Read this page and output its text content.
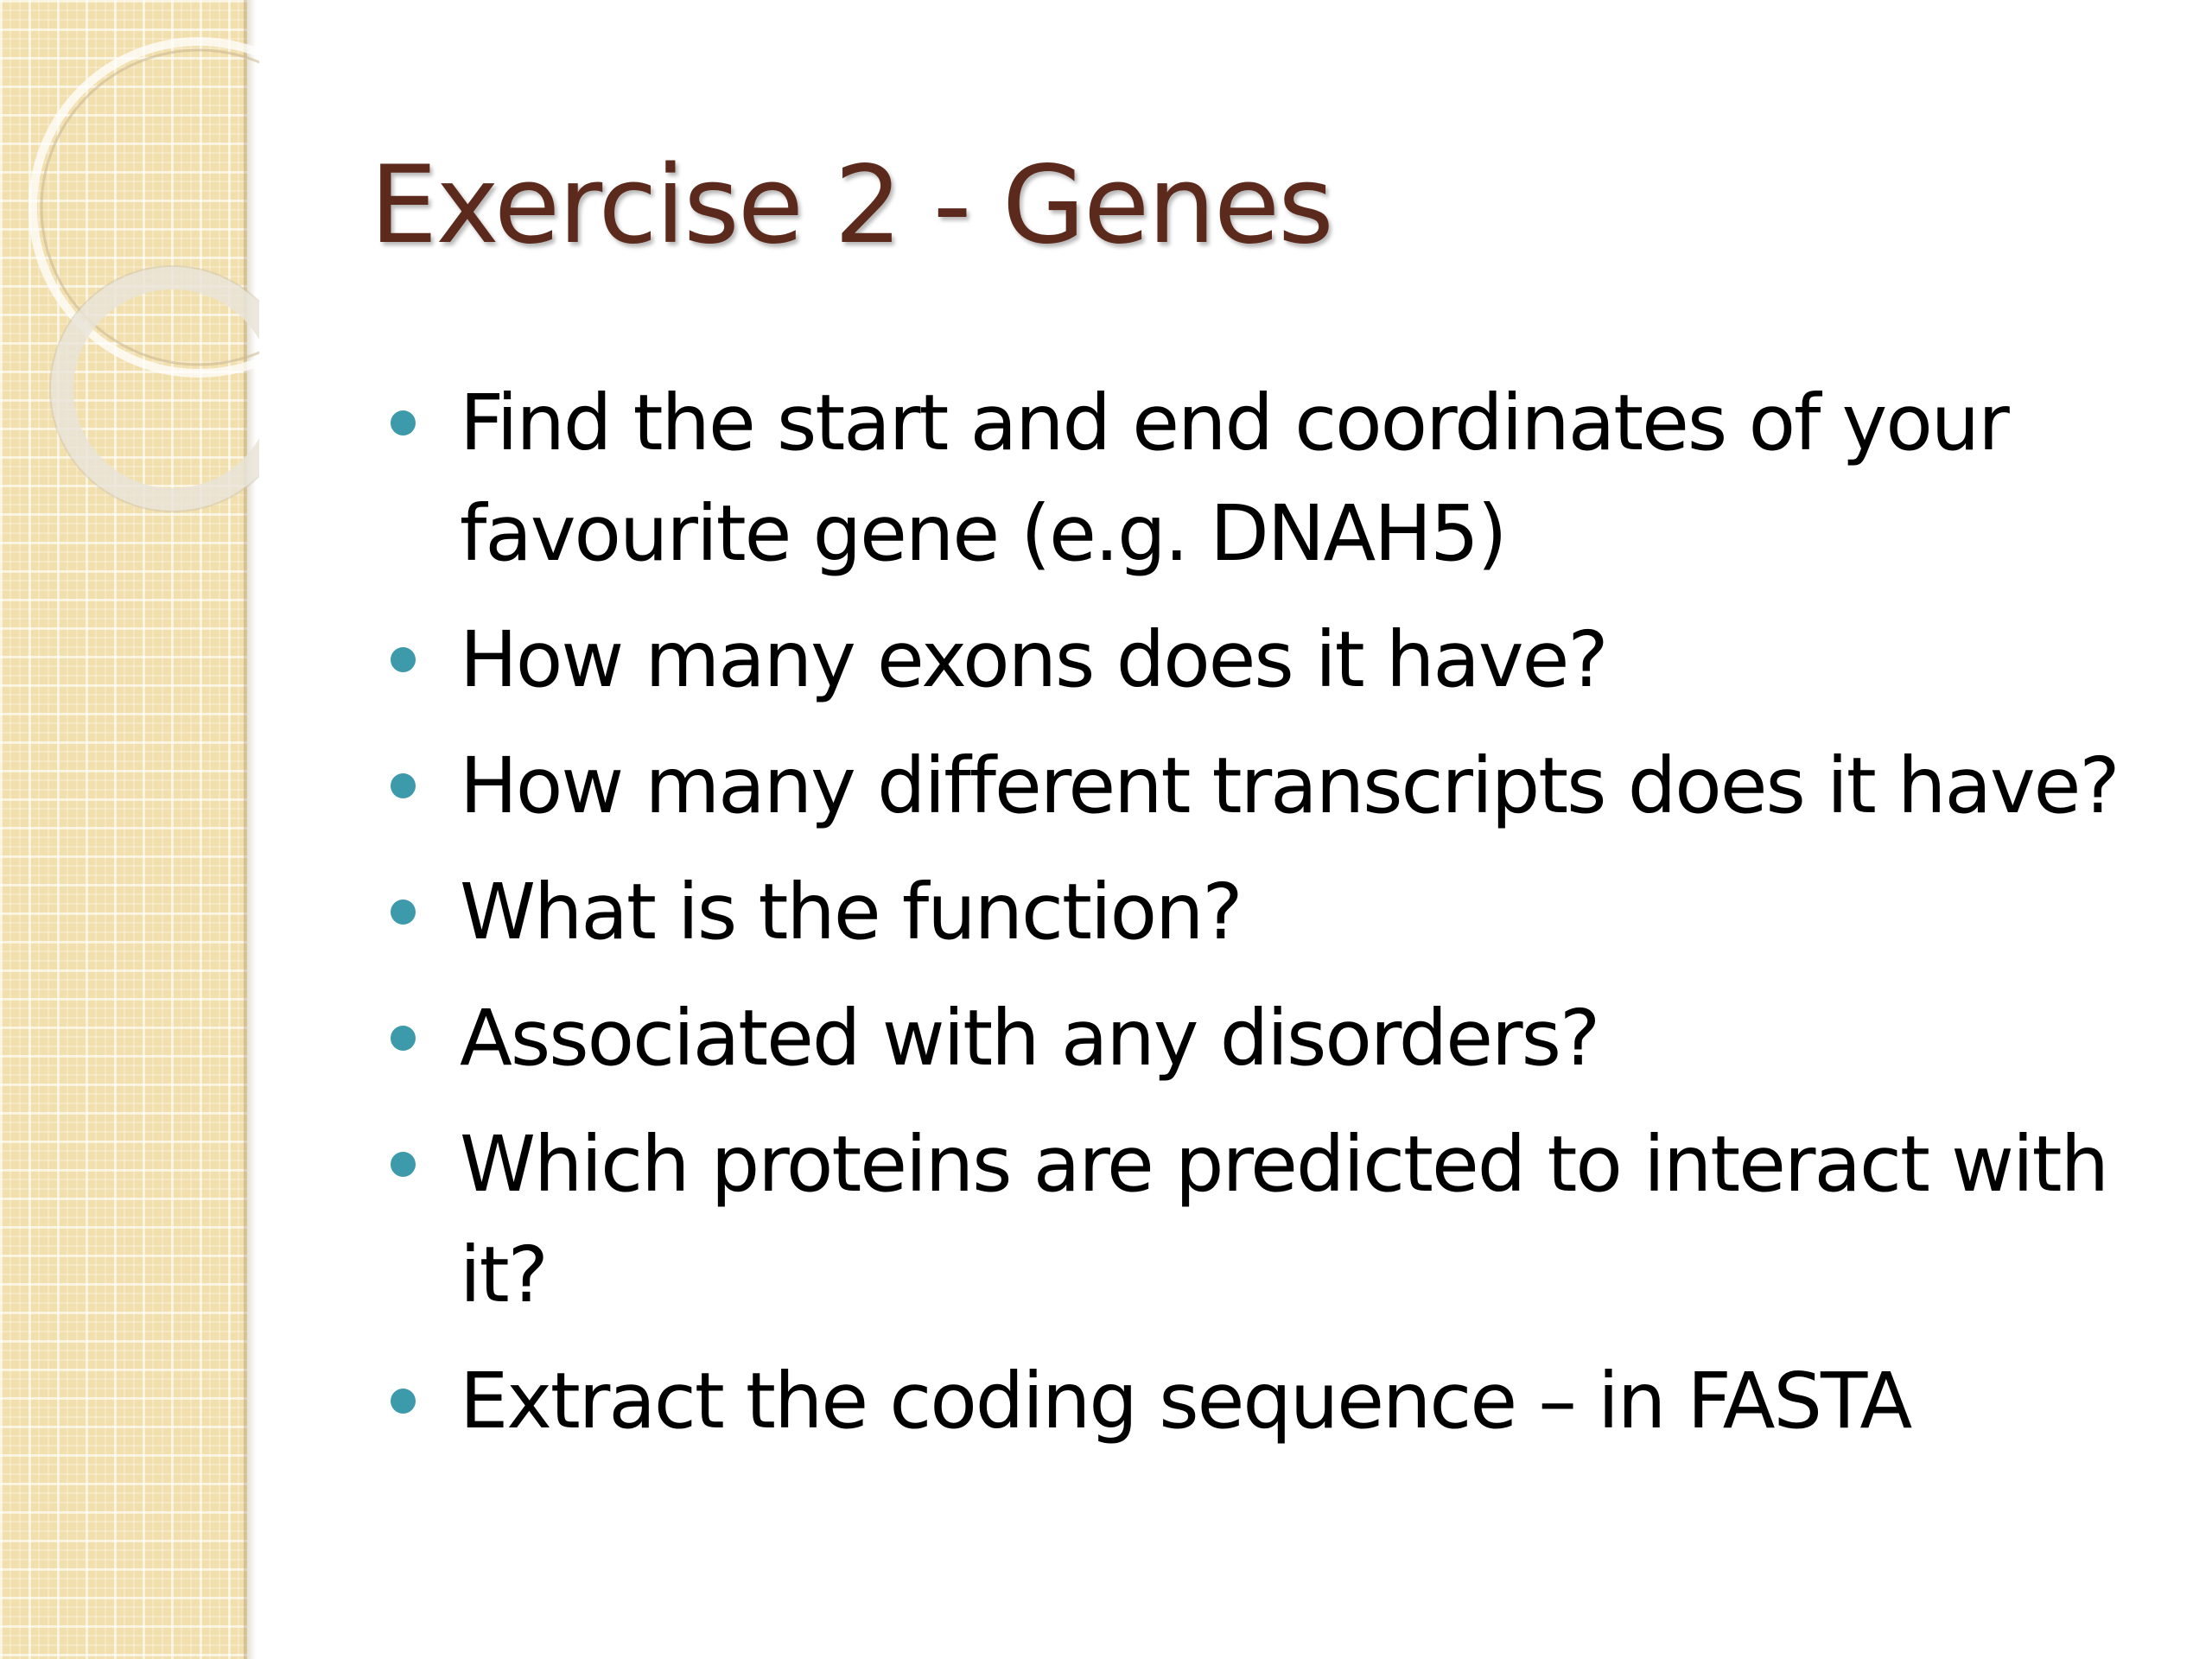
Exercise 2 - Genes
Find the start and end coordinates of your favourite gene (e.g. DNAH5)
How many exons does it have?
How many different transcripts does it have?
What is the function?
Associated with any disorders?
Which proteins are predicted to interact with it?
Extract the coding sequence – in FASTA
